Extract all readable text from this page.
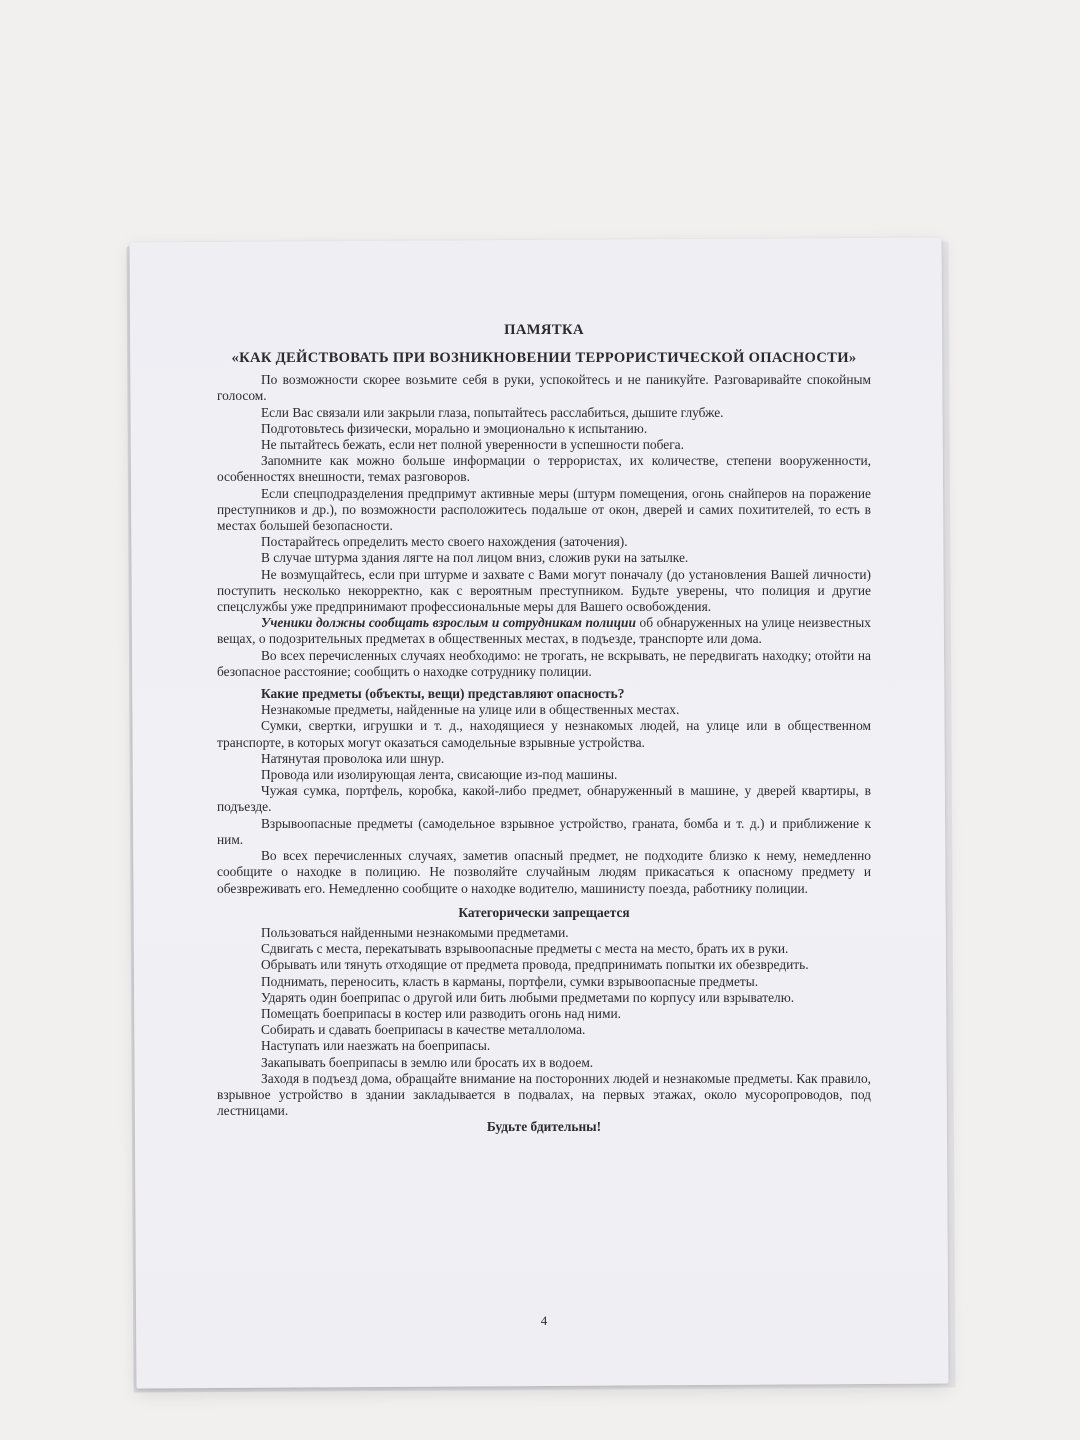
ПАМЯТКА
«КАК ДЕЙСТВОВАТЬ ПРИ ВОЗНИКНОВЕНИИ ТЕРРОРИСТИЧЕСКОЙ ОПАСНОСТИ»

По возможности скорее возьмите себя в руки, успокойтесь и не паникуйте. Разговаривайте спокойным голосом.

Если Вас связали или закрыли глаза, попытайтесь расслабиться, дышите глубже.

Подготовьтесь физически, морально и эмоционально к испытанию.

Не пытайтесь бежать, если нет полной уверенности в успешности побега.

Запомните как можно больше информации о террористах, их количестве, степени вооруженности, особенностях внешности, темах разговоров.

Если спецподразделения предпримут активные меры (штурм помещения, огонь снайперов на поражение преступников и др.), по возможности расположитесь подальше от окон, дверей и самих похитителей, то есть в местах большей безопасности.

Постарайтесь определить место своего нахождения (заточения).

В случае штурма здания лягте на пол лицом вниз, сложив руки на затылке.

Не возмущайтесь, если при штурме и захвате с Вами могут поначалу (до установления Вашей личности) поступить несколько некорректно, как с вероятным преступником. Будьте уверены, что полиция и другие спецслужбы уже предпринимают профессиональные меры для Вашего освобождения.

Ученики должны сообщать взрослым и сотрудникам полиции об обнаруженных на улице неизвестных вещах, о подозрительных предметах в общественных местах, в подъезде, транспорте или дома.

Во всех перечисленных случаях необходимо: не трогать, не вскрывать, не передвигать находку; отойти на безопасное расстояние; сообщить о находке сотруднику полиции.

Какие предметы (объекты, вещи) представляют опасность?

Незнакомые предметы, найденные на улице или в общественных местах.

Сумки, свертки, игрушки и т. д., находящиеся у незнакомых людей, на улице или в общественном транспорте, в которых могут оказаться самодельные взрывные устройства.

Натянутая проволока или шнур.

Провода или изолирующая лента, свисающие из-под машины.

Чужая сумка, портфель, коробка, какой-либо предмет, обнаруженный в машине, у дверей квартиры, в подъезде.

Взрывоопасные предметы (самодельное взрывное устройство, граната, бомба и т. д.) и приближение к ним.

Во всех перечисленных случаях, заметив опасный предмет, не подходите близко к нему, немедленно сообщите о находке в полицию. Не позволяйте случайным людям прикасаться к опасному предмету и обезвреживать его. Немедленно сообщите о находке водителю, машинисту поезда, работнику полиции.

Категорически запрещается

Пользоваться найденными незнакомыми предметами.

Сдвигать с места, перекатывать взрывоопасные предметы с места на место, брать их в руки.

Обрывать или тянуть отходящие от предмета провода, предпринимать попытки их обезвредить.

Поднимать, переносить, класть в карманы, портфели, сумки взрывоопасные предметы.

Ударять один боеприпас о другой или бить любыми предметами по корпусу или взрывателю.

Помещать боеприпасы в костер или разводить огонь над ними.

Собирать и сдавать боеприпасы в качестве металлолома.

Наступать или наезжать на боеприпасы.

Закапывать боеприпасы в землю или бросать их в водоем.

Заходя в подъезд дома, обращайте внимание на посторонних людей и незнакомые предметы. Как правило, взрывное устройство в здании закладывается в подвалах, на первых этажах, около мусоропроводов, под лестницами.

Будьте бдительны!

4
